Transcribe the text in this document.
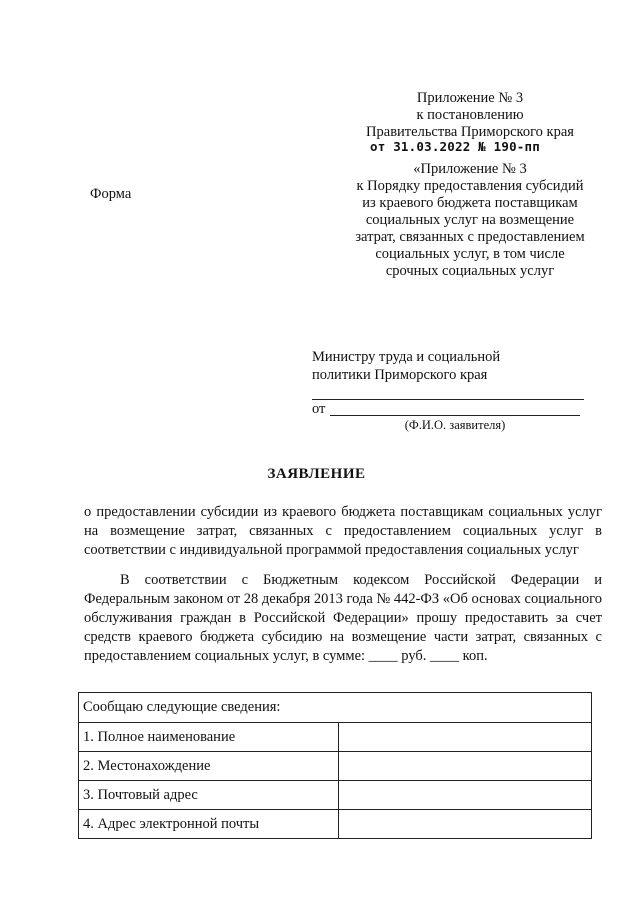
Приложение № 3
к постановлению
Правительства Приморского края
от 31.03.2022 № 190-пп
«Приложение № 3
к Порядку предоставления субсидий
из краевого бюджета поставщикам
социальных услуг на возмещение
затрат, связанных с предоставлением
социальных услуг, в том числе
срочных социальных услуг
Форма
Министру труда и социальной
политики Приморского края
от
(Ф.И.О. заявителя)
ЗАЯВЛЕНИЕ
о предоставлении субсидии из краевого бюджета поставщикам социальных услуг на возмещение затрат, связанных с предоставлением социальных услуг в соответствии с индивидуальной программой предоставления социальных услуг
В соответствии с Бюджетным кодексом Российской Федерации и Федеральным законом от 28 декабря 2013 года № 442-ФЗ «Об основах социального обслуживания граждан в Российской Федерации» прошу предоставить за счет средств краевого бюджета субсидию на возмещение части затрат, связанных с предоставлением социальных услуг, в сумме: ____ руб. ____ коп.
Сообщаю следующие сведения:	
1. Полное наименование	
2. Местонахождение	
3. Почтовый адрес	
4. Адрес электронной почты	
